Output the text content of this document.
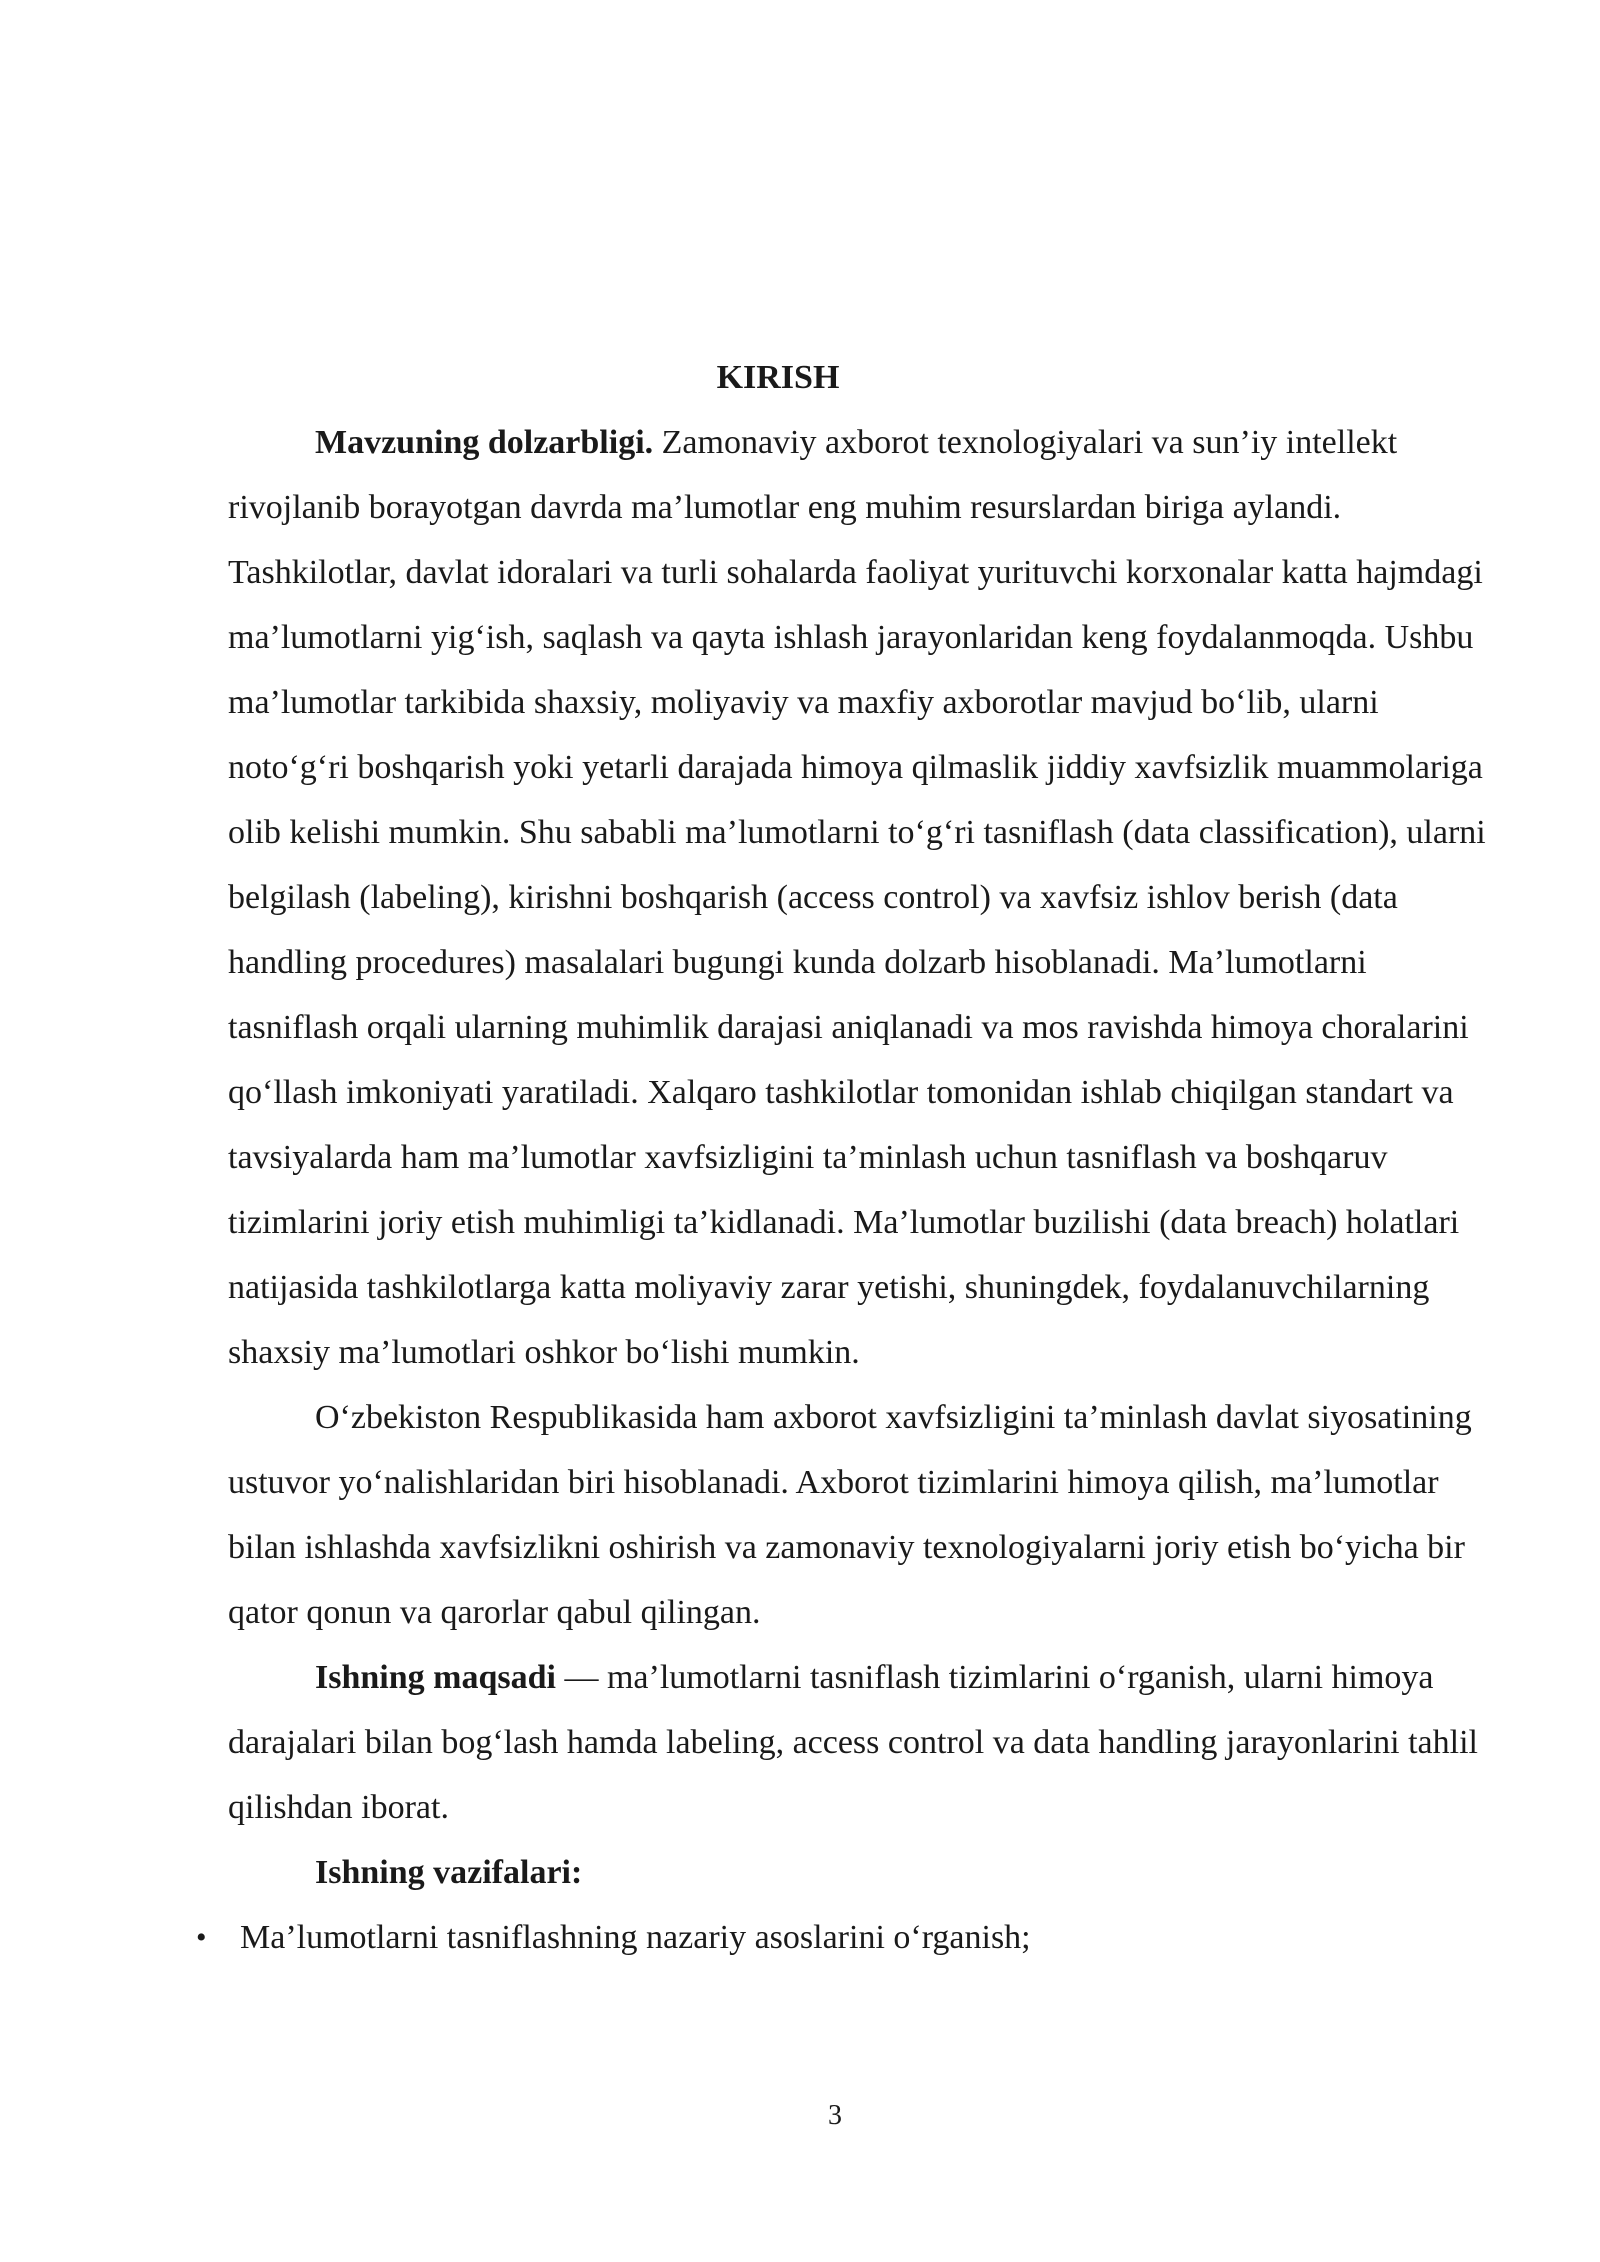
KIRISH

Mavzuning dolzarbligi. Zamonaviy axborot texnologiyalari va sun’iy intellekt rivojlanib borayotgan davrda ma’lumotlar eng muhim resurslardan biriga aylandi. Tashkilotlar, davlat idoralari va turli sohalarda faoliyat yurituvchi korxonalar katta hajmdagi ma’lumotlarni yig‘ish, saqlash va qayta ishlash jarayonlaridan keng foydalanmoqda. Ushbu ma’lumotlar tarkibida shaxsiy, moliyaviy va maxfiy axborotlar mavjud bo‘lib, ularni noto‘g‘ri boshqarish yoki yetarli darajada himoya qilmaslik jiddiy xavfsizlik muammolariga olib kelishi mumkin. Shu sababli ma’lumotlarni to‘g‘ri tasniflash (data classification), ularni belgilash (labeling), kirishni boshqarish (access control) va xavfsiz ishlov berish (data handling procedures) masalalari bugungi kunda dolzarb hisoblanadi. Ma’lumotlarni tasniflash orqali ularning muhimlik darajasi aniqlanadi va mos ravishda himoya choralarini qo‘llash imkoniyati yaratiladi. Xalqaro tashkilotlar tomonidan ishlab chiqilgan standart va tavsiyalarda ham ma’lumotlar xavfsizligini ta’minlash uchun tasniflash va boshqaruv tizimlarini joriy etish muhimligi ta’kidlanadi. Ma’lumotlar buzilishi (data breach) holatlari natijasida tashkilotlarga katta moliyaviy zarar yetishi, shuningdek, foydalanuvchilarning shaxsiy ma’lumotlari oshkor bo‘lishi mumkin.

O‘zbekiston Respublikasida ham axborot xavfsizligini ta’minlash davlat siyosatining ustuvor yo‘nalishlaridan biri hisoblanadi. Axborot tizimlarini himoya qilish, ma’lumotlar bilan ishlashda xavfsizlikni oshirish va zamonaviy texnologiyalarni joriy etish bo‘yicha bir qator qonun va qarorlar qabul qilingan.

Ishning maqsadi — ma’lumotlarni tasniflash tizimlarini o‘rganish, ularni himoya darajalari bilan bog‘lash hamda labeling, access control va data handling jarayonlarini tahlil qilishdan iborat.

Ishning vazifalari:
• Ma’lumotlarni tasniflashning nazariy asoslarini o‘rganish;
3
